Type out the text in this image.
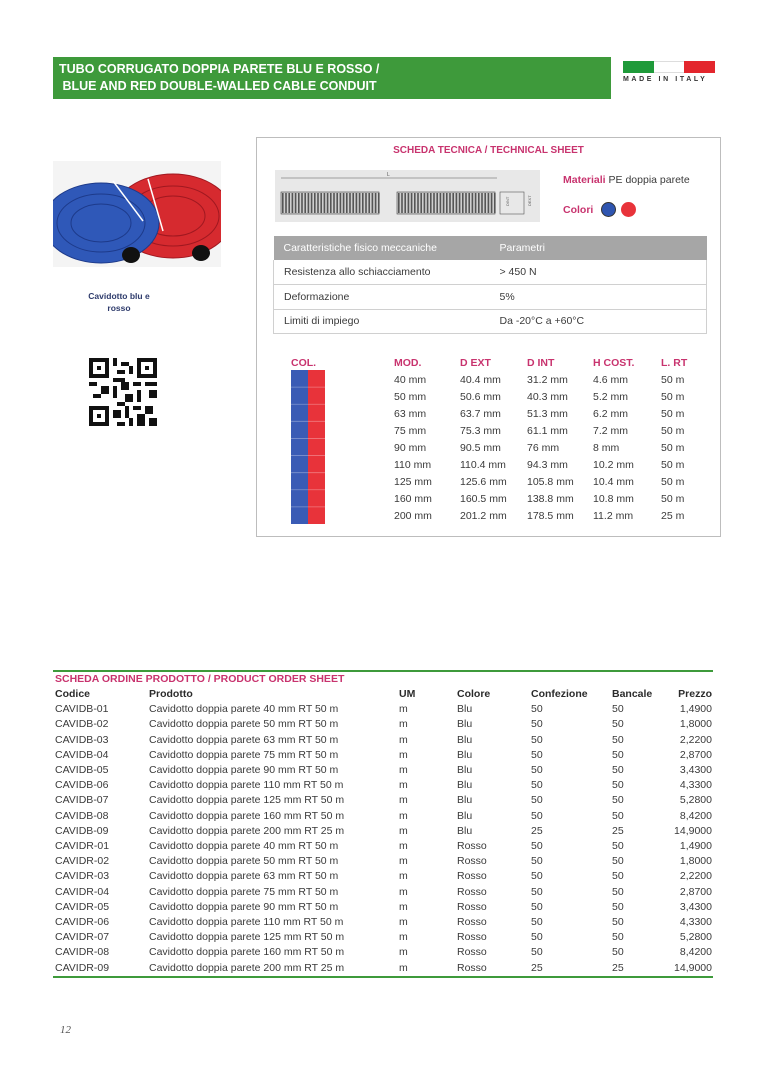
TUBO CORRUGATO DOPPIA PARETE BLU E ROSSO /
BLUE AND RED DOUBLE-WALLED CABLE CONDUIT	MADE IN ITALY
Cavidotto blu e
rosso
SCHEDA TECNICA / TECHNICAL SHEET
L
DINT	DEXT
Materiali PE doppia parete
Colori
Caratteristiche fisico meccaniche	Parametri
Resistenza allo schiacciamento	> 450 N
Deformazione	5%
Limiti di impiego	Da -20°C a +60°C
COL.	MOD.	D EXT	D INT	H COST.	L. RT
40 mm	40.4 mm 31.2 mm 4.6 mm	50 m
50 mm	50.6 mm 40.3 mm 5.2 mm	50 m
63 mm	63.7 mm 51.3 mm 6.2 mm	50 m
75 mm	75.3 mm 61.1 mm 7.2 mm	50 m
90 mm	90.5 mm 76 mm	8 mm	50 m
110 mm	110.4 mm 94.3 mm 10.2 mm	50 m
125 mm	125.6 mm 105.8 mm 10.4 mm	50 m
160 mm	160.5 mm 138.8 mm 10.8 mm	50 m
200 mm	201.2 mm 178.5 mm 11.2 mm	25 m
SCHEDA ORDINE PRODOTTO / PRODUCT ORDER SHEET
Codice	Prodotto	UM	Colore	Confezione Bancale Prezzo
CAVIDB-01	Cavidotto doppia parete 40 mm RT 50 m	m	Blu	50	50	1,4900
CAVIDB-02	Cavidotto doppia parete 50 mm RT 50 m	m	Blu	50	50	1,8000
CAVIDB-03	Cavidotto doppia parete 63 mm RT 50 m	m	Blu	50	50	2,2200
CAVIDB-04	Cavidotto doppia parete 75 mm RT 50 m	m	Blu	50	50	2,8700
CAVIDB-05	Cavidotto doppia parete 90 mm RT 50 m	m	Blu	50	50	3,4300
CAVIDB-06	Cavidotto doppia parete 110 mm RT 50 m	m	Blu	50	50	4,3300
CAVIDB-07	Cavidotto doppia parete 125 mm RT 50 m	m	Blu	50	50	5,2800
CAVIDB-08	Cavidotto doppia parete 160 mm RT 50 m	m	Blu	50	50	8,4200
CAVIDB-09	Cavidotto doppia parete 200 mm RT 25 m	m	Blu	25	25	14,9000
CAVIDR-01	Cavidotto doppia parete 40 mm RT 50 m	m	Rosso	50	50	1,4900
CAVIDR-02	Cavidotto doppia parete 50 mm RT 50 m	m	Rosso	50	50	1,8000
CAVIDR-03	Cavidotto doppia parete 63 mm RT 50 m	m	Rosso	50	50	2,2200
CAVIDR-04	Cavidotto doppia parete 75 mm RT 50 m	m	Rosso	50	50	2,8700
CAVIDR-05	Cavidotto doppia parete 90 mm RT 50 m	m	Rosso	50	50	3,4300
CAVIDR-06	Cavidotto doppia parete 110 mm RT 50 m	m	Rosso	50	50	4,3300
CAVIDR-07	Cavidotto doppia parete 125 mm RT 50 m	m	Rosso	50	50	5,2800
CAVIDR-08	Cavidotto doppia parete 160 mm RT 50 m	m	Rosso	50	50	8,4200
CAVIDR-09	Cavidotto doppia parete 200 mm RT 25 m	m	Rosso	25	25	14,9000
12
